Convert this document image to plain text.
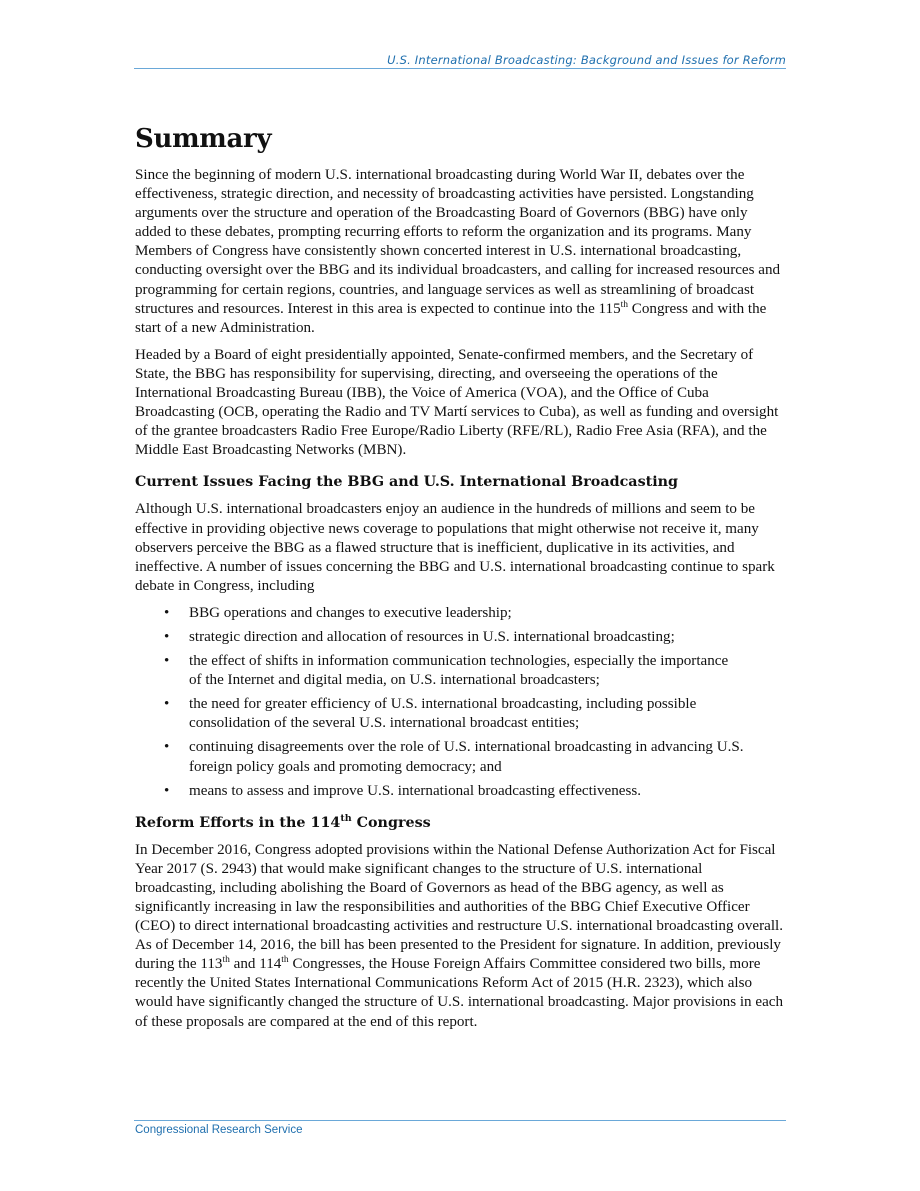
U.S. International Broadcasting: Background and Issues for Reform
Summary

Since the beginning of modern U.S. international broadcasting during World War II, debates over the effectiveness, strategic direction, and necessity of broadcasting activities have persisted. Longstanding arguments over the structure and operation of the Broadcasting Board of Governors (BBG) have only added to these debates, prompting recurring efforts to reform the organization and its programs. Many Members of Congress have consistently shown concerted interest in U.S. international broadcasting, conducting oversight over the BBG and its individual broadcasters, and calling for increased resources and programming for certain regions, countries, and language services as well as streamlining of broadcast structures and resources. Interest in this area is expected to continue into the 115th Congress and with the start of a new Administration.

Headed by a Board of eight presidentially appointed, Senate-confirmed members, and the Secretary of State, the BBG has responsibility for supervising, directing, and overseeing the operations of the International Broadcasting Bureau (IBB), the Voice of America (VOA), and the Office of Cuba Broadcasting (OCB, operating the Radio and TV Martí services to Cuba), as well as funding and oversight of the grantee broadcasters Radio Free Europe/Radio Liberty (RFE/RL), Radio Free Asia (RFA), and the Middle East Broadcasting Networks (MBN).

Current Issues Facing the BBG and U.S. International Broadcasting

Although U.S. international broadcasters enjoy an audience in the hundreds of millions and seem to be effective in providing objective news coverage to populations that might otherwise not receive it, many observers perceive the BBG as a flawed structure that is inefficient, duplicative in its activities, and ineffective. A number of issues concerning the BBG and U.S. international broadcasting continue to spark debate in Congress, including

• BBG operations and changes to executive leadership;
• strategic direction and allocation of resources in U.S. international broadcasting;
• the effect of shifts in information communication technologies, especially the importance of the Internet and digital media, on U.S. international broadcasters;
• the need for greater efficiency of U.S. international broadcasting, including possible consolidation of the several U.S. international broadcast entities;
• continuing disagreements over the role of U.S. international broadcasting in advancing U.S. foreign policy goals and promoting democracy; and
• means to assess and improve U.S. international broadcasting effectiveness.
Reform Efforts in the 114th Congress

In December 2016, Congress adopted provisions within the National Defense Authorization Act for Fiscal Year 2017 (S. 2943) that would make significant changes to the structure of U.S. international broadcasting, including abolishing the Board of Governors as head of the BBG agency, as well as significantly increasing in law the responsibilities and authorities of the BBG Chief Executive Officer (CEO) to direct international broadcasting activities and restructure U.S. international broadcasting overall. As of December 14, 2016, the bill has been presented to the President for signature. In addition, previously during the 113th and 114th Congresses, the House Foreign Affairs Committee considered two bills, more recently the United States International Communications Reform Act of 2015 (H.R. 2323), which also would have significantly changed the structure of U.S. international broadcasting. Major provisions in each of these proposals are compared at the end of this report.

Congressional Research Service
